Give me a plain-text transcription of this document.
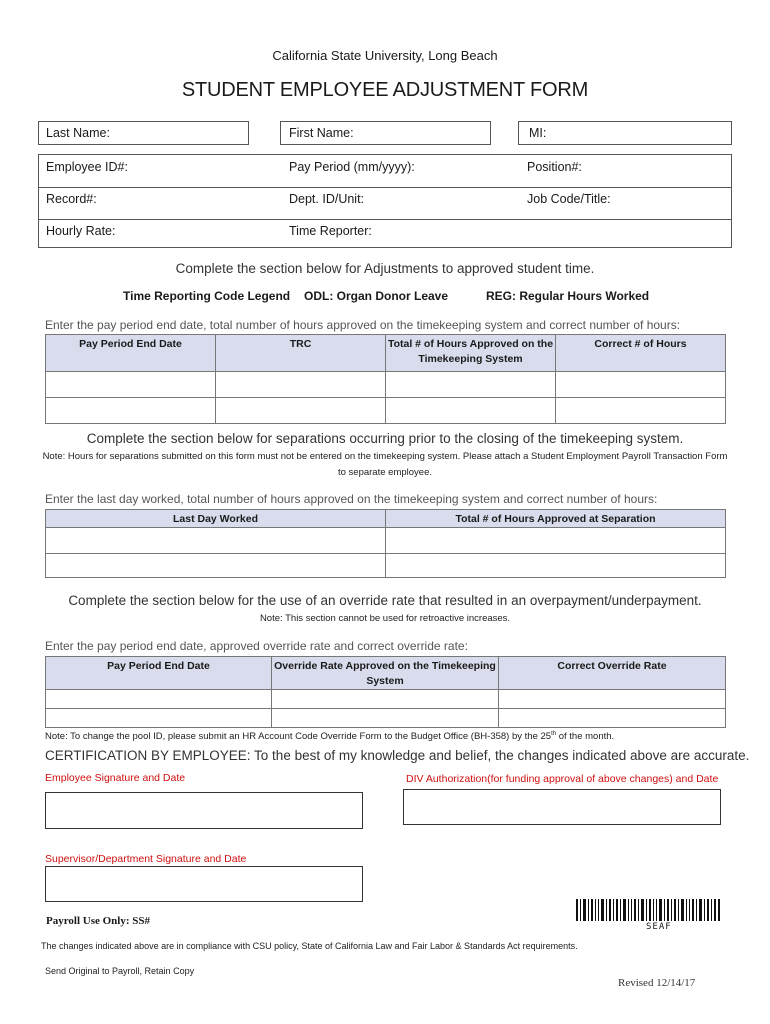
California State University, Long Beach
STUDENT EMPLOYEE ADJUSTMENT FORM
Last Name:	First Name:	MI:
Employee ID#:	Pay Period (mm/yyyy):	Position#:
Record#:	Dept. ID/Unit:	Job Code/Title:
Hourly Rate:	Time Reporter:
Complete the section below for Adjustments to approved student time.
Time Reporting Code Legend ODL: Organ Donor Leave	REG: Regular Hours Worked
Enter the pay period end date, total number of hours approved on the timekeeping system and correct number of hours:
Pay Period End Date	TRC	Total # of Hours Approved on the Timekeeping System	Correct # of Hours

Complete the section below for separations occurring prior to the closing of the timekeeping system.
Note: Hours for separations submitted on this form must not be entered on the timekeeping system. Please attach a Student Employment Payroll Transaction Form to separate employee.
Enter the last day worked, total number of hours approved on the timekeeping system and correct number of hours:
Last Day Worked	Total # of Hours Approved at Separation

Complete the section below for the use of an override rate that resulted in an overpayment/underpayment.
Note: This section cannot be used for retroactive increases.
Enter the pay period end date, approved override rate and correct override rate:
Pay Period End Date	Override Rate Approved on the Timekeeping System	Correct Override Rate

Note: To change the pool ID, please submit an HR Account Code Override Form to the Budget Office (BH-358) by the 25th of the month.
CERTIFICATION BY EMPLOYEE: To the best of my knowledge and belief, the changes indicated above are accurate.
Employee Signature and Date	DIV Authorization(for funding approval of above changes) and Date
Supervisor/Department Signature and Date
Payroll Use Only: SS#	SEAF
The changes indicated above are in compliance with CSU policy, State of California Law and Fair Labor & Standards Act requirements.
Send Original to Payroll, Retain Copy
Revised 12/14/17
